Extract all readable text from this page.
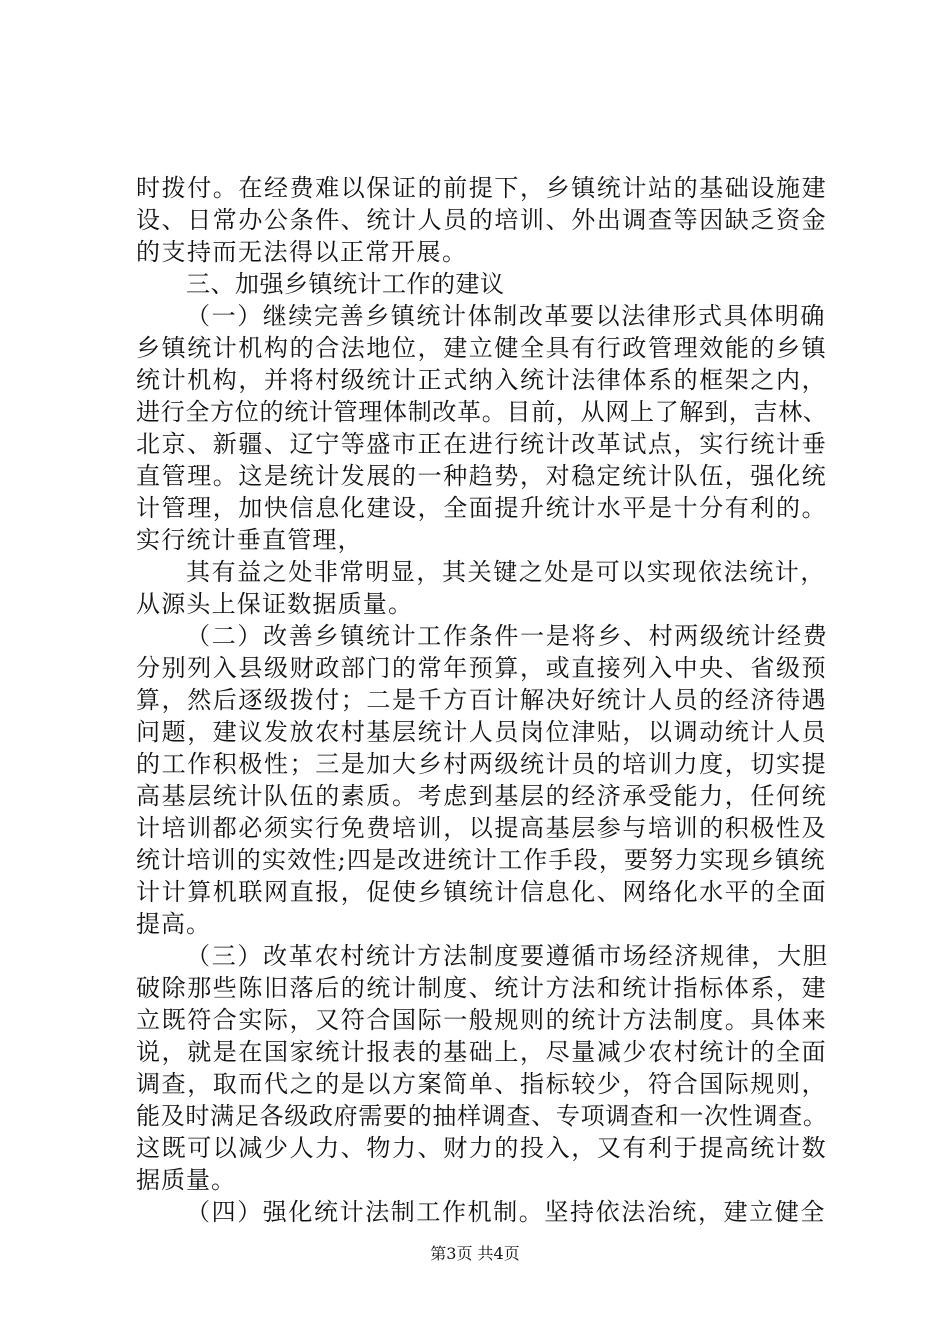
时拨付。在经费难以保证的前提下，乡镇统计站的基础设施建
设、日常办公条件、统计人员的培训、外出调查等因缺乏资金
的支持而无法得以正常开展。
三、加强乡镇统计工作的建议
（一）继续完善乡镇统计体制改革要以法律形式具体明确
乡镇统计机构的合法地位，建立健全具有行政管理效能的乡镇
统计机构，并将村级统计正式纳入统计法律体系的框架之内，
进行全方位的统计管理体制改革。目前，从网上了解到，吉林、
北京、新疆、辽宁等盛市正在进行统计改革试点，实行统计垂
直管理。这是统计发展的一种趋势，对稳定统计队伍，强化统
计管理，加快信息化建设，全面提升统计水平是十分有利的。
实行统计垂直管理，
其有益之处非常明显，其关键之处是可以实现依法统计，
从源头上保证数据质量。
（二）改善乡镇统计工作条件一是将乡、村两级统计经费
分别列入县级财政部门的常年预算，或直接列入中央、省级预
算，然后逐级拨付；二是千方百计解决好统计人员的经济待遇
问题，建议发放农村基层统计人员岗位津贴，以调动统计人员
的工作积极性；三是加大乡村两级统计员的培训力度，切实提
高基层统计队伍的素质。考虑到基层的经济承受能力，任何统
计培训都必须实行免费培训，以提高基层参与培训的积极性及
统计培训的实效性;四是改进统计工作手段，要努力实现乡镇统
计计算机联网直报，促使乡镇统计信息化、网络化水平的全面
提高。
（三）改革农村统计方法制度要遵循市场经济规律，大胆
破除那些陈旧落后的统计制度、统计方法和统计指标体系，建
立既符合实际，又符合国际一般规则的统计方法制度。具体来
说，就是在国家统计报表的基础上，尽量减少农村统计的全面
调查，取而代之的是以方案简单、指标较少，符合国际规则，
能及时满足各级政府需要的抽样调查、专项调查和一次性调查。
这既可以减少人力、物力、财力的投入，又有利于提高统计数
据质量。
（四）强化统计法制工作机制。坚持依法治统，建立健全
第3页 共4页
